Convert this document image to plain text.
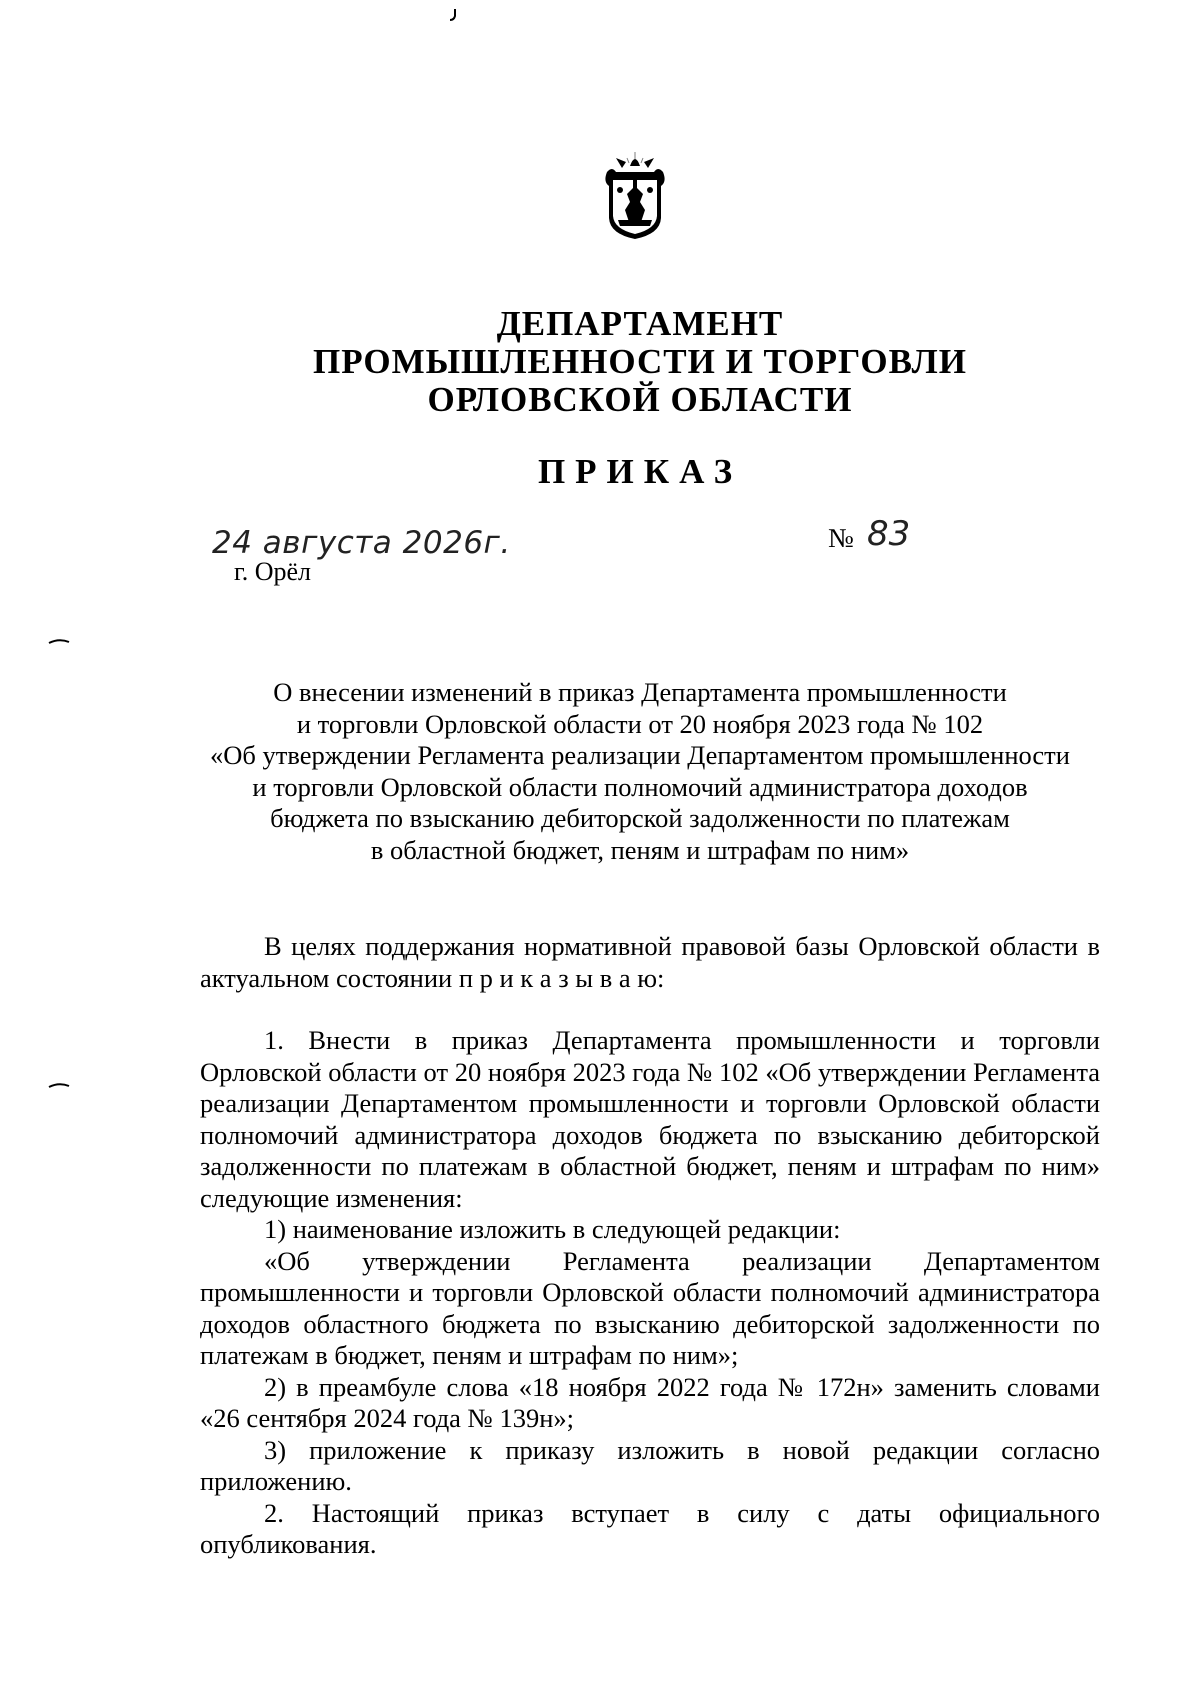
ДЕПАРТАМЕНТ
ПРОМЫШЛЕННОСТИ И ТОРГОВЛИ
ОРЛОВСКОЙ ОБЛАСТИ
ПРИКАЗ
24 августа 2026г.
г. Орёл
№ 83
О внесении изменений в приказ Департамента промышленности
и торговли Орловской области от 20 ноября 2023 года № 102
«Об утверждении Регламента реализации Департаментом промышленности
и торговли Орловской области полномочий администратора доходов
бюджета по взысканию дебиторской задолженности по платежам
в областной бюджет, пеням и штрафам по ним»

В целях поддержания нормативной правовой базы Орловской области в актуальном состоянии п р и к а з ы в а ю:

1. Внести в приказ Департамента промышленности и торговли Орловской области от 20 ноября 2023 года № 102 «Об утверждении Регламента реализации Департаментом промышленности и торговли Орловской области полномочий администратора доходов бюджета по взысканию дебиторской задолженности по платежам в областной бюджет, пеням и штрафам по ним» следующие изменения:

1) наименование изложить в следующей редакции:

«Об утверждении Регламента реализации Департаментом промышленности и торговли Орловской области полномочий администратора доходов областного бюджета по взысканию дебиторской задолженности по платежам в бюджет, пеням и штрафам по ним»;

2) в преамбуле слова «18 ноября 2022 года № 172н» заменить словами «26 сентября 2024 года № 139н»;

3) приложение к приказу изложить в новой редакции согласно приложению.

2. Настоящий приказ вступает в силу с даты официального опубликования.
